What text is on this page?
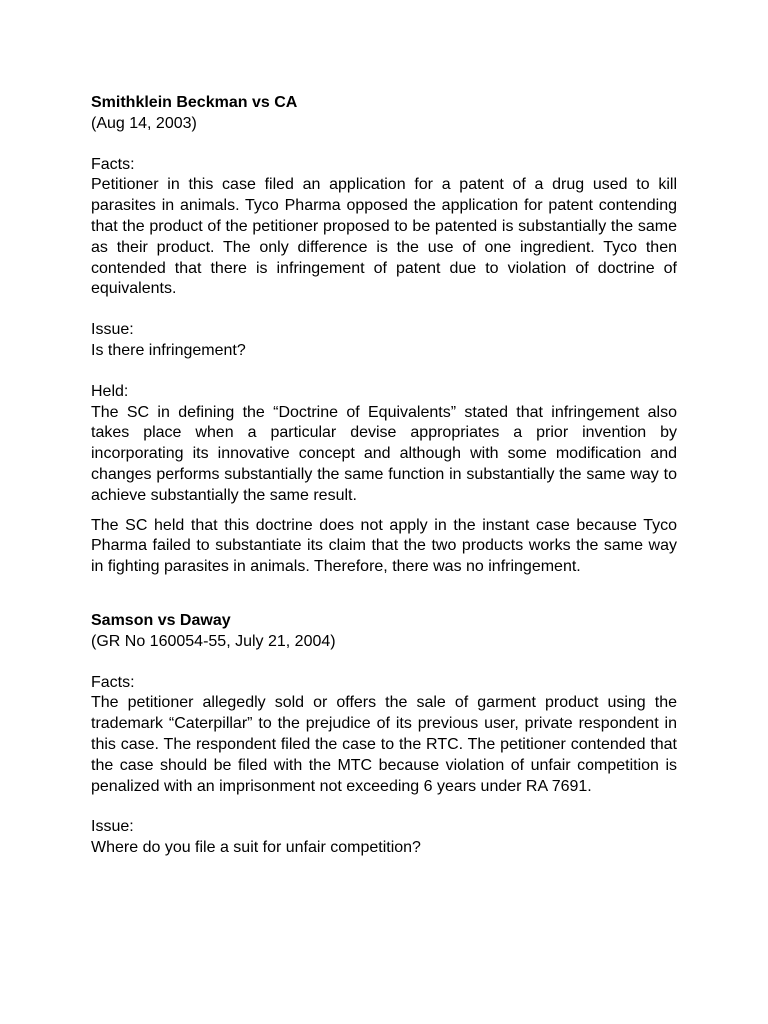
Smithklein Beckman vs CA

(Aug 14, 2003)

Facts:

Petitioner in this case filed an application for a patent of a drug used to kill parasites in animals. Tyco Pharma opposed the application for patent contending that the product of the petitioner proposed to be patented is substantially the same as their product. The only difference is the use of one ingredient. Tyco then contended that there is infringement of patent due to violation of doctrine of equivalents.

Issue:

Is there infringement?

Held:

The SC in defining the “Doctrine of Equivalents” stated that infringement also takes place when a particular devise appropriates a prior invention by incorporating its innovative concept and although with some modification and changes performs substantially the same function in substantially the same way to achieve substantially the same result.

The SC held that this doctrine does not apply in the instant case because Tyco Pharma failed to substantiate its claim that the two products works the same way in fighting parasites in animals. Therefore, there was no infringement.

Samson vs Daway

(GR No 160054-55, July 21, 2004)

Facts:

The petitioner allegedly sold or offers the sale of garment product using the trademark “Caterpillar” to the prejudice of its previous user, private respondent in this case. The respondent filed the case to the RTC. The petitioner contended that the case should be filed with the MTC because violation of unfair competition is penalized with an imprisonment not exceeding 6 years under RA 7691.

Issue:

Where do you file a suit for unfair competition?
